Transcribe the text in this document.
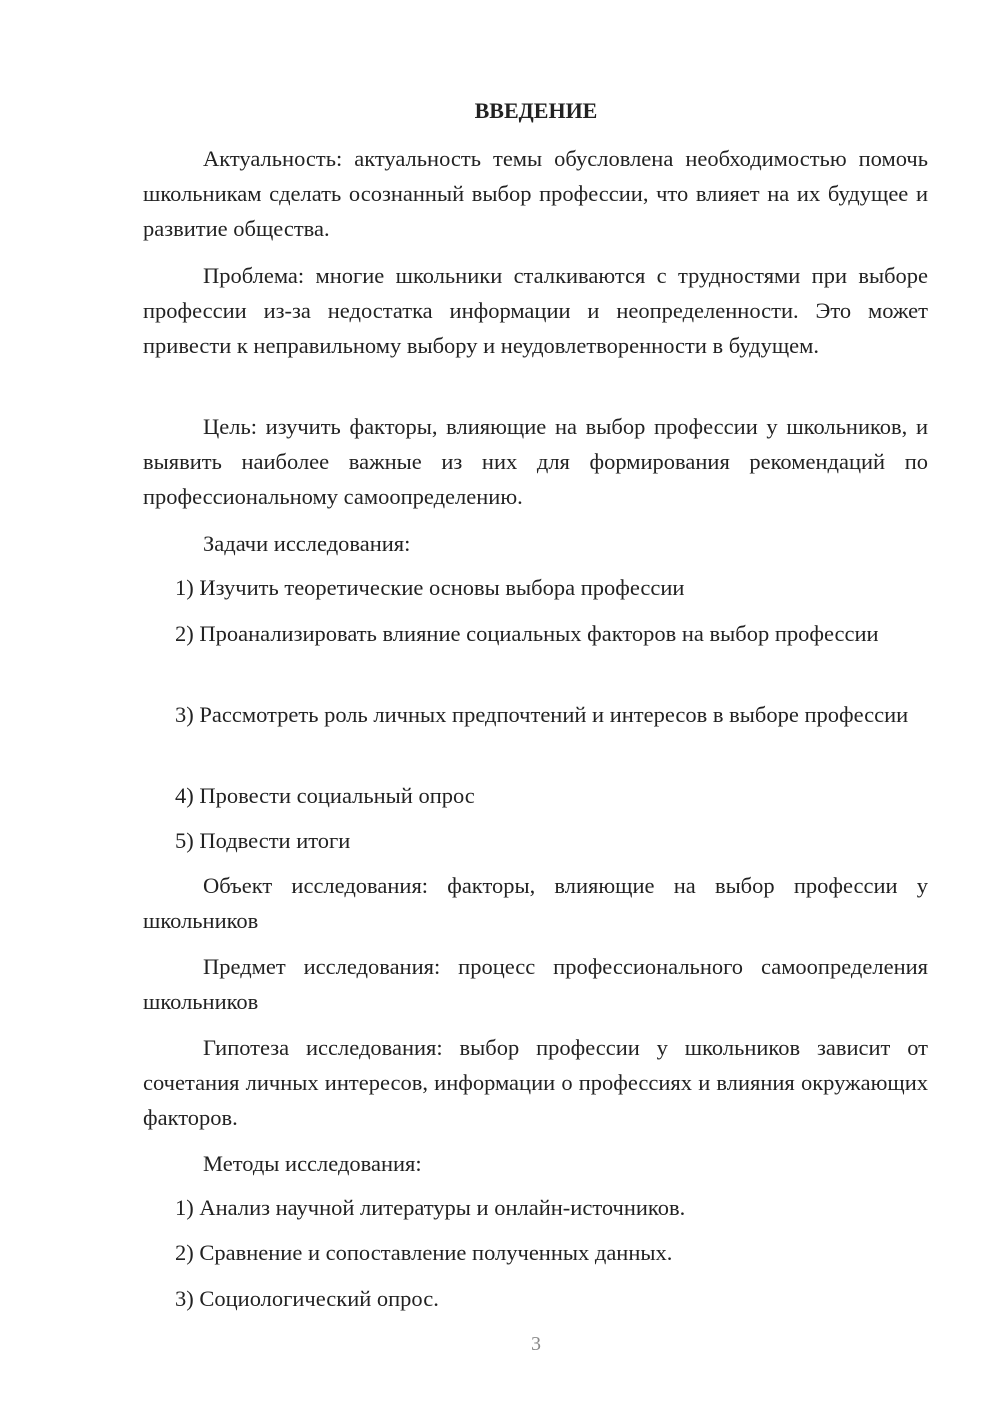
ВВЕДЕНИЕ

Актуальность: актуальность темы обусловлена необходимостью помочь школьникам сделать осознанный выбор профессии, что влияет на их будущее и развитие общества.

Проблема: многие школьники сталкиваются с трудностями при выборе профессии из-за недостатка информации и неопределенности. Это может привести к неправильному выбору и неудовлетворенности в будущем.

Цель: изучить факторы, влияющие на выбор профессии у школьников, и выявить наиболее важные из них для формирования рекомендаций по профессиональному самоопределению.

Задачи исследования:

1) Изучить теоретические основы выбора профессии

2) Проанализировать влияние социальных факторов на выбор профессии

3) Рассмотреть роль личных предпочтений и интересов в выборе профессии

4) Провести социальный опрос

5) Подвести итоги

Объект исследования: факторы, влияющие на выбор профессии у школьников

Предмет исследования: процесс профессионального самоопределения школьников

Гипотеза исследования: выбор профессии у школьников зависит от сочетания личных интересов, информации о профессиях и влияния окружающих факторов.

Методы исследования:

1) Анализ научной литературы и онлайн-источников.

2) Сравнение и сопоставление полученных данных.

3) Социологический опрос.

3
